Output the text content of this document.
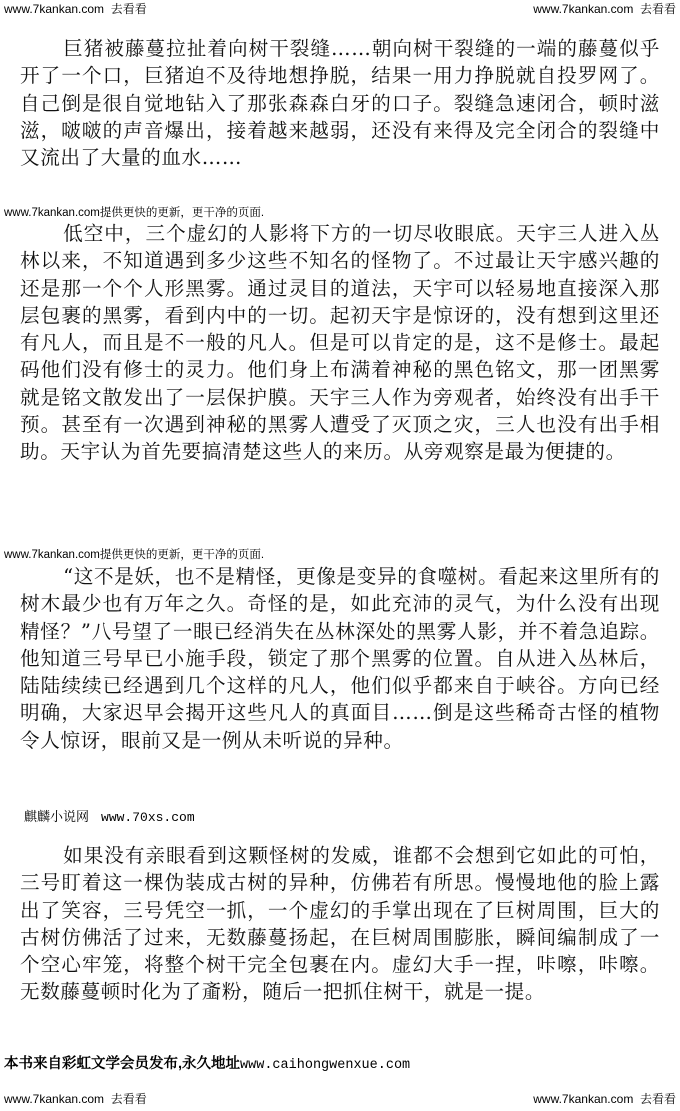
www.7kankan.com 去看看	www.7kankan.com 去看看

巨猪被藤蔓拉扯着向树干裂缝……朝向树干裂缝的一端的藤蔓似乎开了一个口，巨猪迫不及待地想挣脱，结果一用力挣脱就自投罗网了。自己倒是很自觉地钻入了那张森森白牙的口子。裂缝急速闭合，顿时滋滋，啵啵的声音爆出，接着越来越弱，还没有来得及完全闭合的裂缝中又流出了大量的血水……

www.7kankan.com提供更快的更新，更干净的页面.

低空中，三个虚幻的人影将下方的一切尽收眼底。天宇三人进入丛林以来，不知道遇到多少这些不知名的怪物了。不过最让天宇感兴趣的还是那一个个人形黑雾。通过灵目的道法，天宇可以轻易地直接深入那层包裹的黑雾，看到内中的一切。起初天宇是惊讶的，没有想到这里还有凡人，而且是不一般的凡人。但是可以肯定的是，这不是修士。最起码他们没有修士的灵力。他们身上布满着神秘的黑色铭文，那一团黑雾就是铭文散发出了一层保护膜。天宇三人作为旁观者，始终没有出手干预。甚至有一次遇到神秘的黑雾人遭受了灭顶之灾，三人也没有出手相助。天宇认为首先要搞清楚这些人的来历。从旁观察是最为便捷的。

www.7kankan.com提供更快的更新，更干净的页面.

“这不是妖，也不是精怪，更像是变异的食噬树。看起来这里所有的树木最少也有万年之久。奇怪的是，如此充沛的灵气，为什么没有出现精怪？”八号望了一眼已经消失在丛林深处的黑雾人影，并不着急追踪。他知道三号早已小施手段，锁定了那个黑雾的位置。自从进入丛林后，陆陆续续已经遇到几个这样的凡人，他们似乎都来自于峡谷。方向已经明确，大家迟早会揭开这些凡人的真面目……倒是这些稀奇古怪的植物令人惊讶，眼前又是一例从未听说的异种。

麒麟小说网 www.70xs.com

如果没有亲眼看到这颗怪树的发威，谁都不会想到它如此的可怕，三号盯着这一棵伪装成古树的异种，仿佛若有所思。慢慢地他的脸上露出了笑容，三号凭空一抓，一个虚幻的手掌出现在了巨树周围，巨大的古树仿佛活了过来，无数藤蔓扬起，在巨树周围膨胀，瞬间编制成了一个空心牢笼，将整个树干完全包裹在内。虚幻大手一捏，咔嚓，咔嚓。无数藤蔓顿时化为了齑粉，随后一把抓住树干，就是一提。

本书来自彩虹文学会员发布,永久地址www.caihongwenxue.com
www.7kankan.com 去看看	www.7kankan.com 去看看
